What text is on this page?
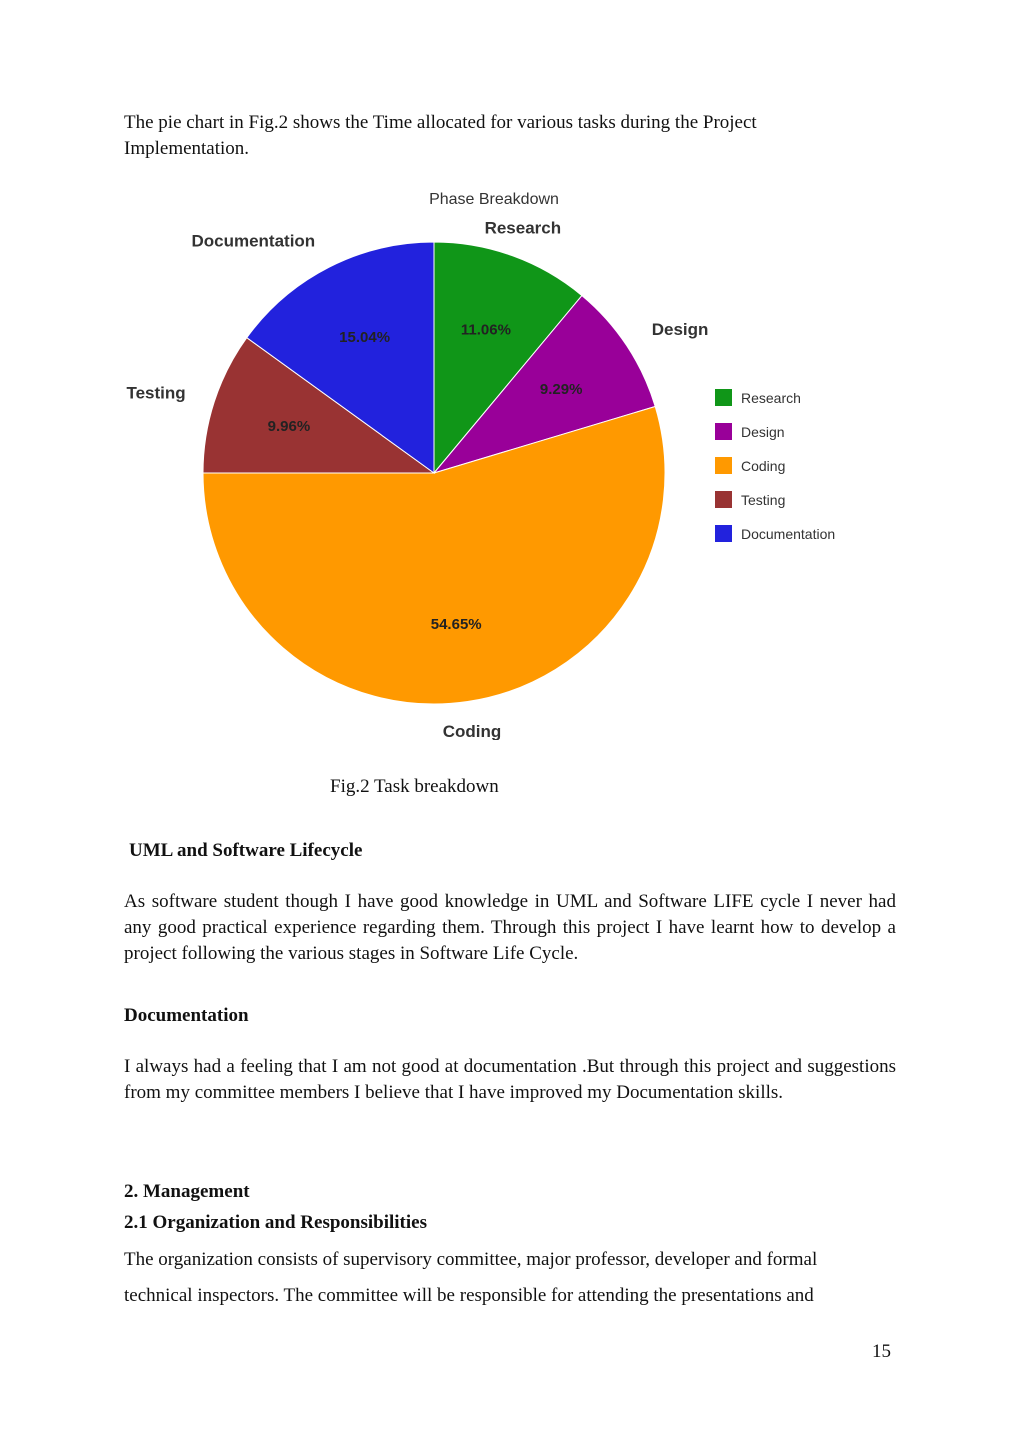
The pie chart in Fig.2 shows the Time allocated for various tasks during the Project
Implementation.
Phase Breakdown
11.06%
9.29%
54.65%
9.96%
15.04%
Research
Design
Coding
Testing
Documentation
Research
Design
Coding
Testing
Documentation
Fig.2 Task breakdown
UML and Software Lifecycle
As software student though I have good knowledge in UML and Software LIFE cycle I never had any good practical experience regarding them. Through this project I have learnt how to develop a project following the various stages in Software Life Cycle.
Documentation
I always had a feeling that I am not good at documentation .But through this project and suggestions from my committee members I believe that I have improved my Documentation skills.
2. Management
2.1 Organization and Responsibilities
The organization consists of supervisory committee, major professor, developer and formal
technical inspectors. The committee will be responsible for attending the presentations and
15
